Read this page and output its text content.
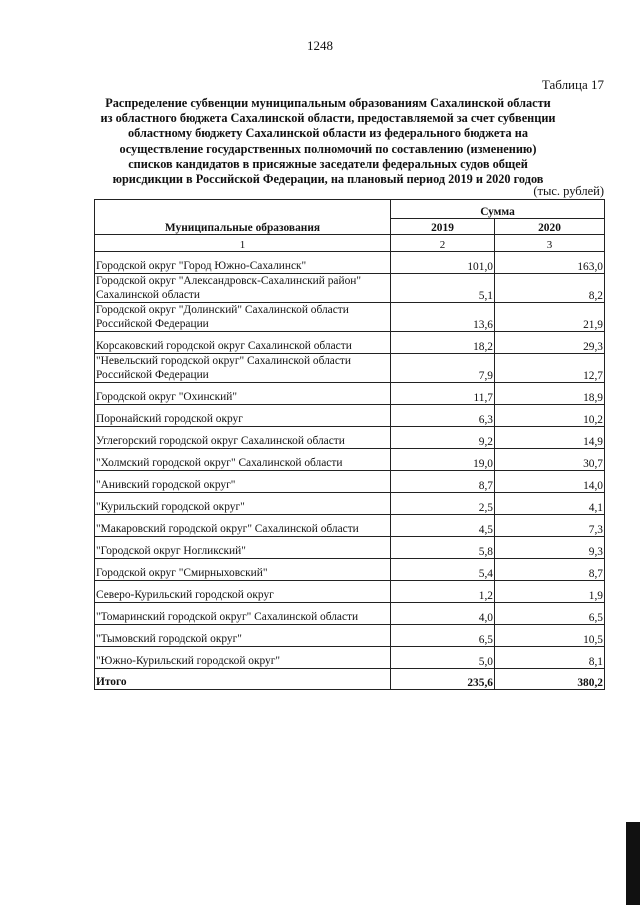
1248
Таблица 17
Распределение субвенции муниципальным образованиям Сахалинской области из областного бюджета Сахалинской области, предоставляемой за счет субвенции областному бюджету Сахалинской области из федерального бюджета на осуществление государственных полномочий по составлению (изменению) списков кандидатов в присяжные заседатели федеральных судов общей юрисдикции в Российской Федерации, на плановый период 2019 и 2020 годов
(тыс. рублей)
Муниципальные образования	Сумма	
	2019	2020
1	2	3
Городской округ "Город Южно-Сахалинск"	101,0	163,0
Городской округ "Александровск-Сахалинский район" Сахалинской области	5,1	8,2
Городской округ "Долинский" Сахалинской области Российской Федерации	13,6	21,9
Корсаковский городской округ Сахалинской области	18,2	29,3
"Невельский городской округ" Сахалинской области Российской Федерации	7,9	12,7
Городской округ "Охинский"	11,7	18,9
Поронайский городской округ	6,3	10,2
Углегорский городской округ Сахалинской области	9,2	14,9
"Холмский городской округ" Сахалинской области	19,0	30,7
"Анивский городской округ"	8,7	14,0
"Курильский городской округ"	2,5	4,1
"Макаровский городской округ" Сахалинской области	4,5	7,3
"Городской округ Ногликский"	5,8	9,3
Городской округ "Смирныховский"	5,4	8,7
Северо-Курильский городской округ	1,2	1,9
"Томаринский городской округ" Сахалинской области	4,0	6,5
"Тымовский городской округ"	6,5	10,5
"Южно-Курильский городской округ"	5,0	8,1
Итого	235,6	380,2
